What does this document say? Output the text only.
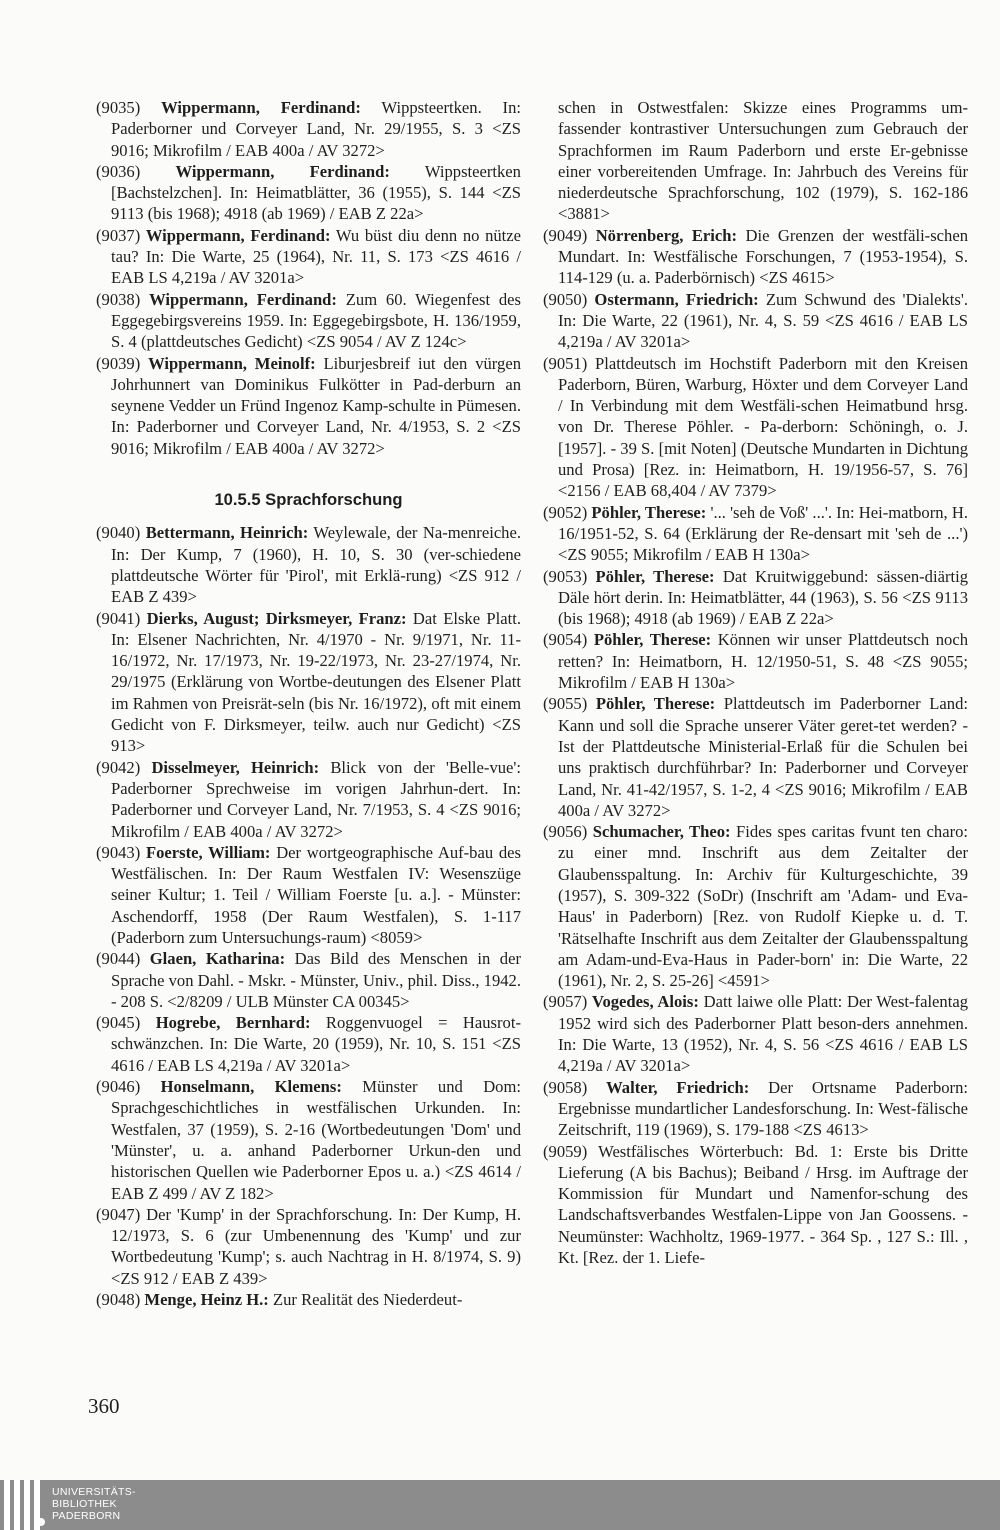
(9035) Wippermann, Ferdinand: Wippsteertken. In: Paderborner und Corveyer Land, Nr. 29/1955, S. 3 <ZS 9016; Mikrofilm / EAB 400a / AV 3272>
(9036) Wippermann, Ferdinand: Wippsteertken [Bachstelzchen]. In: Heimatblätter, 36 (1955), S. 144 <ZS 9113 (bis 1968); 4918 (ab 1969) / EAB Z 22a>
(9037) Wippermann, Ferdinand: Wu büst diu denn no nütze tau? In: Die Warte, 25 (1964), Nr. 11, S. 173 <ZS 4616 / EAB LS 4,219a / AV 3201a>
(9038) Wippermann, Ferdinand: Zum 60. Wiegenfest des Eggegebirgsvereins 1959. In: Eggegebirgsbote, H. 136/1959, S. 4 (plattdeutsches Gedicht) <ZS 9054 / AV Z 124c>
(9039) Wippermann, Meinolf: Liburjesbreif iut den vürgen Johrhunnert van Dominikus Fulkötter in Pad-derburn an seynene Vedder un Fründ Ingenoz Kamp-schulte in Pümesen. In: Paderborner und Corveyer Land, Nr. 4/1953, S. 2 <ZS 9016; Mikrofilm / EAB 400a / AV 3272>
10.5.5 Sprachforschung
(9040) Bettermann, Heinrich: Weylewale, der Na-menreiche. In: Der Kump, 7 (1960), H. 10, S. 30 (ver-schiedene plattdeutsche Wörter für 'Pirol', mit Erklä-rung) <ZS 912 / EAB Z 439>
(9041) Dierks, August; Dirksmeyer, Franz: Dat Elske Platt. In: Elsener Nachrichten, Nr. 4/1970 - Nr. 9/1971, Nr. 11-16/1972, Nr. 17/1973, Nr. 19-22/1973, Nr. 23-27/1974, Nr. 29/1975 (Erklärung von Wortbe-deutungen des Elsener Platt im Rahmen von Preisrät-seln (bis Nr. 16/1972), oft mit einem Gedicht von F. Dirksmeyer, teilw. auch nur Gedicht) <ZS 913>
(9042) Disselmeyer, Heinrich: Blick von der 'Belle-vue': Paderborner Sprechweise im vorigen Jahrhun-dert. In: Paderborner und Corveyer Land, Nr. 7/1953, S. 4 <ZS 9016; Mikrofilm / EAB 400a / AV 3272>
(9043) Foerste, William: Der wortgeographische Auf-bau des Westfälischen. In: Der Raum Westfalen IV: Wesenszüge seiner Kultur; 1. Teil / William Foerste [u. a.]. - Münster: Aschendorff, 1958 (Der Raum Westfalen), S. 1-117 (Paderborn zum Untersuchungs-raum) <8059>
(9044) Glaen, Katharina: Das Bild des Menschen in der Sprache von Dahl. - Mskr. - Münster, Univ., phil. Diss., 1942. - 208 S. <2/8209 / ULB Münster CA 00345>
(9045) Hogrebe, Bernhard: Roggenvuogel = Hausrot-schwänzchen. In: Die Warte, 20 (1959), Nr. 10, S. 151 <ZS 4616 / EAB LS 4,219a / AV 3201a>
(9046) Honselmann, Klemens: Münster und Dom: Sprachgeschichtliches in westfälischen Urkunden. In: Westfalen, 37 (1959), S. 2-16 (Wortbedeutungen 'Dom' und 'Münster', u. a. anhand Paderborner Urkun-den und historischen Quellen wie Paderborner Epos u. a.) <ZS 4614 / EAB Z 499 / AV Z 182>
(9047) Der 'Kump' in der Sprachforschung. In: Der Kump, H. 12/1973, S. 6 (zur Umbenennung des 'Kump' und zur Wortbedeutung 'Kump'; s. auch Nachtrag in H. 8/1974, S. 9) <ZS 912 / EAB Z 439>
(9048) Menge, Heinz H.: Zur Realität des Niederdeut-
schen in Ostwestfalen: Skizze eines Programms um-fassender kontrastiver Untersuchungen zum Gebrauch der Sprachformen im Raum Paderborn und erste Er-gebnisse einer vorbereitenden Umfrage. In: Jahrbuch des Vereins für niederdeutsche Sprachforschung, 102 (1979), S. 162-186 <3881>
(9049) Nörrenberg, Erich: Die Grenzen der westfäli-schen Mundart. In: Westfälische Forschungen, 7 (1953-1954), S. 114-129 (u. a. Paderbörnisch) <ZS 4615>
(9050) Ostermann, Friedrich: Zum Schwund des 'Dialekts'. In: Die Warte, 22 (1961), Nr. 4, S. 59 <ZS 4616 / EAB LS 4,219a / AV 3201a>
(9051) Plattdeutsch im Hochstift Paderborn mit den Kreisen Paderborn, Büren, Warburg, Höxter und dem Corveyer Land / In Verbindung mit dem Westfäli-schen Heimatbund hrsg. von Dr. Therese Pöhler. - Pa-derborn: Schöningh, o. J. [1957]. - 39 S. [mit Noten] (Deutsche Mundarten in Dichtung und Prosa) [Rez. in: Heimatborn, H. 19/1956-57, S. 76] <2156 / EAB 68,404 / AV 7379>
(9052) Pöhler, Therese: '... 'seh de Voß' ...'. In: Hei-matborn, H. 16/1951-52, S. 64 (Erklärung der Re-densart mit 'seh de ...') <ZS 9055; Mikrofilm / EAB H 130a>
(9053) Pöhler, Therese: Dat Kruitwiggebund: sässen-diärtig Däle hört derin. In: Heimatblätter, 44 (1963), S. 56 <ZS 9113 (bis 1968); 4918 (ab 1969) / EAB Z 22a>
(9054) Pöhler, Therese: Können wir unser Plattdeutsch noch retten? In: Heimatborn, H. 12/1950-51, S. 48 <ZS 9055; Mikrofilm / EAB H 130a>
(9055) Pöhler, Therese: Plattdeutsch im Paderborner Land: Kann und soll die Sprache unserer Väter geret-tet werden? - Ist der Plattdeutsche Ministerial-Erlaß für die Schulen bei uns praktisch durchführbar? In: Paderborner und Corveyer Land, Nr. 41-42/1957, S. 1-2, 4 <ZS 9016; Mikrofilm / EAB 400a / AV 3272>
(9056) Schumacher, Theo: Fides spes caritas fvunt ten charo: zu einer mnd. Inschrift aus dem Zeitalter der Glaubensspaltung. In: Archiv für Kulturgeschichte, 39 (1957), S. 309-322 (SoDr) (Inschrift am 'Adam- und Eva-Haus' in Paderborn) [Rez. von Rudolf Kiepke u. d. T. 'Rätselhafte Inschrift aus dem Zeitalter der Glaubensspaltung am Adam-und-Eva-Haus in Pader-born' in: Die Warte, 22 (1961), Nr. 2, S. 25-26] <4591>
(9057) Vogedes, Alois: Datt laiwe olle Platt: Der West-falentag 1952 wird sich des Paderborner Platt beson-ders annehmen. In: Die Warte, 13 (1952), Nr. 4, S. 56 <ZS 4616 / EAB LS 4,219a / AV 3201a>
(9058) Walter, Friedrich: Der Ortsname Paderborn: Ergebnisse mundartlicher Landesforschung. In: West-fälische Zeitschrift, 119 (1969), S. 179-188 <ZS 4613>
(9059) Westfälisches Wörterbuch: Bd. 1: Erste bis Dritte Lieferung (A bis Bachus); Beiband / Hrsg. im Auftrage der Kommission für Mundart und Namenfor-schung des Landschaftsverbandes Westfalen-Lippe von Jan Goossens. - Neumünster: Wachholtz, 1969-1977. - 364 Sp. , 127 S.: Ill. , Kt. [Rez. der 1. Liefe-
360
UNIVERSITÄTS-
BIBLIOTHEK
PADERBORN
